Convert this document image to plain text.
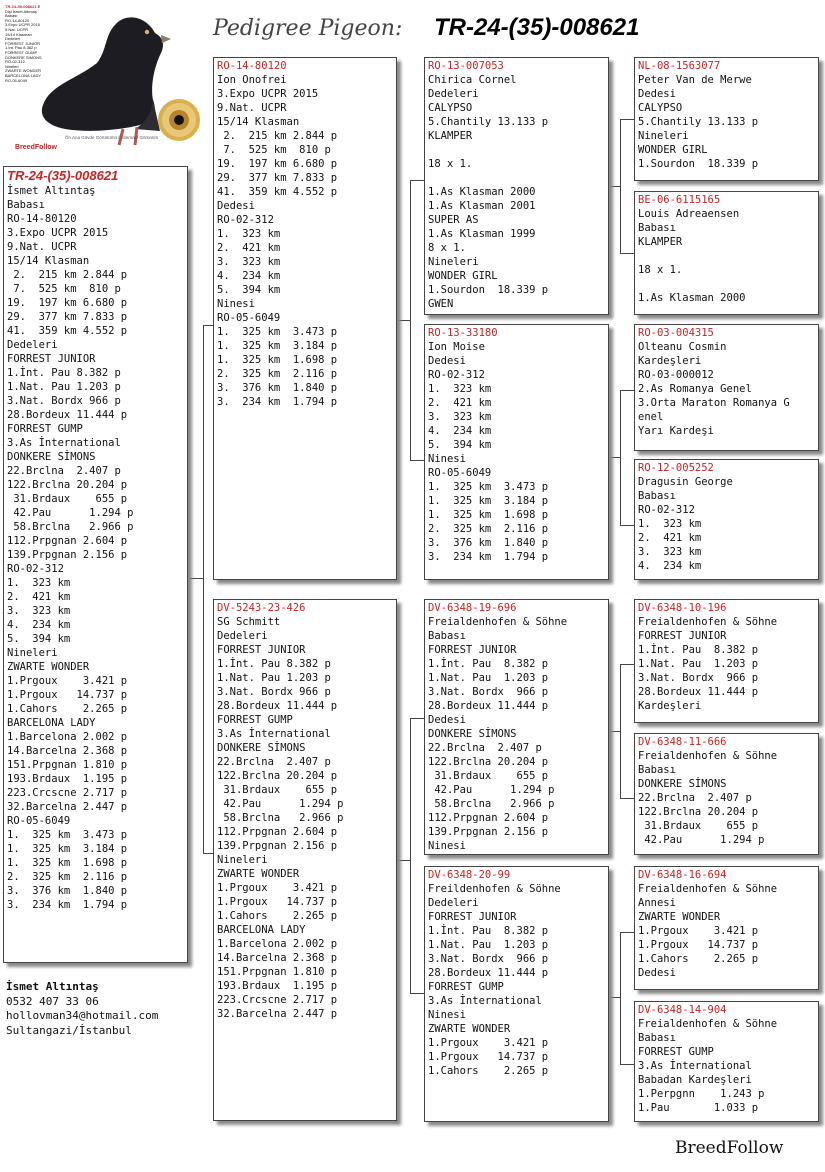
TR-24-35-008621 E
Dişi İsmet Altıntaş
Babası
RO-14-80120
3.Expo UCPR 2015
9.Nat. UCPR
15/14 Klasman
Dedeleri
FORREST JUNIOR
1.İnt. Pau 8.382 p
FORREST GUMP
DONKERE SİMONS
RO-02-312
Nineleri
ZWARTE WONDER
BARCELONA LADY
RO-05-6049
BreedFollow
Ön Ana Gövde Görünümü / Alternatif Görünüm
Pedigree Pigeon: TR-24-(35)-008621
TR-24-(35)-008621
İsmet Altıntaş
Babası
RO-14-80120
3.Expo UCPR 2015
9.Nat. UCPR
15/14 Klasman
2.  215 km 2.844 p
7.  525 km  810 p
19.  197 km 6.680 p
29.  377 km 7.833 p
41.  359 km 4.552 p
Dedeleri
FORREST JUNIOR
1.İnt. Pau 8.382 p
1.Nat. Pau 1.203 p
3.Nat. Bordx 966 p
28.Bordeux 11.444 p
FORREST GUMP
3.As İnternational
DONKERE SİMONS
22.Brclna  2.407 p
122.Brclna 20.204 p
31.Brdaux    655 p
42.Pau      1.294 p
58.Brclna   2.966 p
112.Prpgnan 2.604 p
139.Prpgnan 2.156 p
RO-02-312
1.  323 km
2.  421 km
3.  323 km
4.  234 km
5.  394 km
Nineleri
ZWARTE WONDER
1.Prgoux    3.421 p
1.Prgoux   14.737 p
1.Cahors    2.265 p
BARCELONA LADY
1.Barcelona 2.002 p
14.Barcelna 2.368 p
151.Prpgnan 1.810 p
193.Brdaux  1.195 p
223.Crcscne 2.717 p
32.Barcelna 2.447 p
RO-05-6049
1.  325 km  3.473 p
1.  325 km  3.184 p
1.  325 km  1.698 p
2.  325 km  2.116 p
3.  376 km  1.840 p
3.  234 km  1.794 p
RO-14-80120
Ion Onofrei
3.Expo UCPR 2015
9.Nat. UCPR
15/14 Klasman
2.  215 km 2.844 p
7.  525 km  810 p
19.  197 km 6.680 p
29.  377 km 7.833 p
41.  359 km 4.552 p
Dedesi
RO-02-312
1.  323 km
2.  421 km
3.  323 km
4.  234 km
5.  394 km
Ninesi
RO-05-6049
1.  325 km  3.473 p
1.  325 km  3.184 p
1.  325 km  1.698 p
2.  325 km  2.116 p
3.  376 km  1.840 p
3.  234 km  1.794 p
DV-5243-23-426
SG Schmitt
Dedeleri
FORREST JUNIOR
1.İnt. Pau 8.382 p
1.Nat. Pau 1.203 p
3.Nat. Bordx 966 p
28.Bordeux 11.444 p
FORREST GUMP
3.As İnternational
DONKERE SİMONS
22.Brclna  2.407 p
122.Brclna 20.204 p
31.Brdaux    655 p
42.Pau      1.294 p
58.Brclna   2.966 p
112.Prpgnan 2.604 p
139.Prpgnan 2.156 p
Nineleri
ZWARTE WONDER
1.Prgoux    3.421 p
1.Prgoux   14.737 p
1.Cahors    2.265 p
BARCELONA LADY
1.Barcelona 2.002 p
14.Barcelna 2.368 p
151.Prpgnan 1.810 p
193.Brdaux  1.195 p
223.Crcscne 2.717 p
32.Barcelna 2.447 p
RO-13-007053
Chirica Cornel
Dedeleri
CALYPSO
5.Chantily 13.133 p
KLAMPER
18 x 1.
1.As Klasman 2000
1.As Klasman 2001
SUPER AS
1.As Klasman 1999
8 x 1.
Nineleri
WONDER GIRL
1.Sourdon  18.339 p
GWEN
RO-13-33180
Ion Moise
Dedesi
RO-02-312
1.  323 km
2.  421 km
3.  323 km
4.  234 km
5.  394 km
Ninesi
RO-05-6049
1.  325 km  3.473 p
1.  325 km  3.184 p
1.  325 km  1.698 p
2.  325 km  2.116 p
3.  376 km  1.840 p
3.  234 km  1.794 p
DV-6348-19-696
Freialdenhofen & Söhne
Babası
FORREST JUNIOR
1.İnt. Pau  8.382 p
1.Nat. Pau  1.203 p
3.Nat. Bordx  966 p
28.Bordeux 11.444 p
Dedesi
DONKERE SİMONS
22.Brclna  2.407 p
122.Brclna 20.204 p
31.Brdaux    655 p
42.Pau      1.294 p
58.Brclna   2.966 p
112.Prpgnan 2.604 p
139.Prpgnan 2.156 p
Ninesi
DV-6348-20-99
Freildenhofen & Söhne
Dedeleri
FORREST JUNIOR
1.İnt. Pau  8.382 p
1.Nat. Pau  1.203 p
3.Nat. Bordx  966 p
28.Bordeux 11.444 p
FORREST GUMP
3.As İnternational
Ninesi
ZWARTE WONDER
1.Prgoux    3.421 p
1.Prgoux   14.737 p
1.Cahors    2.265 p
NL-08-1563077
Peter Van de Merwe
Dedesi
CALYPSO
5.Chantily 13.133 p
Nineleri
WONDER GIRL
1.Sourdon  18.339 p
BE-06-6115165
Louis Adreaensen
Babası
KLAMPER
18 x 1.
1.As Klasman 2000
RO-03-004315
Olteanu Cosmin
Kardeşleri
RO-03-000012
2.As Romanya Genel
3.Orta Maraton Romanya G
enel
Yarı Kardeşi
RO-12-005252
Dragusin George
Babası
RO-02-312
1.  323 km
2.  421 km
3.  323 km
4.  234 km
DV-6348-10-196
Freialdenhofen & Söhne
FORREST JUNIOR
1.İnt. Pau  8.382 p
1.Nat. Pau  1.203 p
3.Nat. Bordx  966 p
28.Bordeux 11.444 p
Kardeşleri
DV-6348-11-666
Freialdenhofen & Söhne
Babası
DONKERE SİMONS
22.Brclna  2.407 p
122.Brclna 20.204 p
31.Brdaux    655 p
42.Pau      1.294 p
DV-6348-16-694
Freialdenhofen & Söhne
Annesi
ZWARTE WONDER
1.Prgoux    3.421 p
1.Prgoux   14.737 p
1.Cahors    2.265 p
Dedesi
DV-6348-14-904
Freialdenhofen & Söhne
Babası
FORREST GUMP
3.As İnternational
Babadan Kardeşleri
1.Perpgnn    1.243 p
1.Pau       1.033 p
İsmet Altıntaş
0532 407 33 06
hollovman34@hotmail.com
Sultangazi/İstanbul
BreedFollow
